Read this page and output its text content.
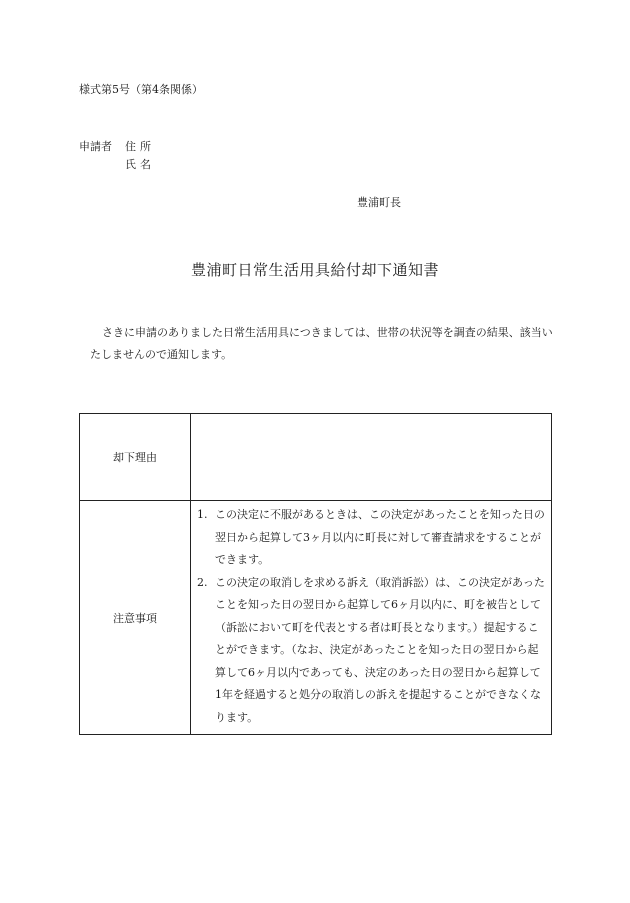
様式第5号（第4条関係）
申請者 住所
氏名
豊浦町長
豊浦町日常生活用具給付却下通知書
さきに申請のありました日常生活用具につきましては、世帯の状況等を調査の結果、該当いたしませんので通知します。
却下理由	
注意事項	1. この決定に不服があるときは、この決定があったことを知った日の翌日から起算して3ヶ月以内に町長に対して審査請求をすることができます。
2. この決定の取消しを求める訴え（取消訴訟）は、この決定があったことを知った日の翌日から起算して6ヶ月以内に、町を被告として（訴訟において町を代表とする者は町長となります。）提起することができます。（なお、決定があったことを知った日の翌日から起算して6ヶ月以内であっても、決定のあった日の翌日から起算して1年を経過すると処分の取消しの訴えを提起することができなくなります。
